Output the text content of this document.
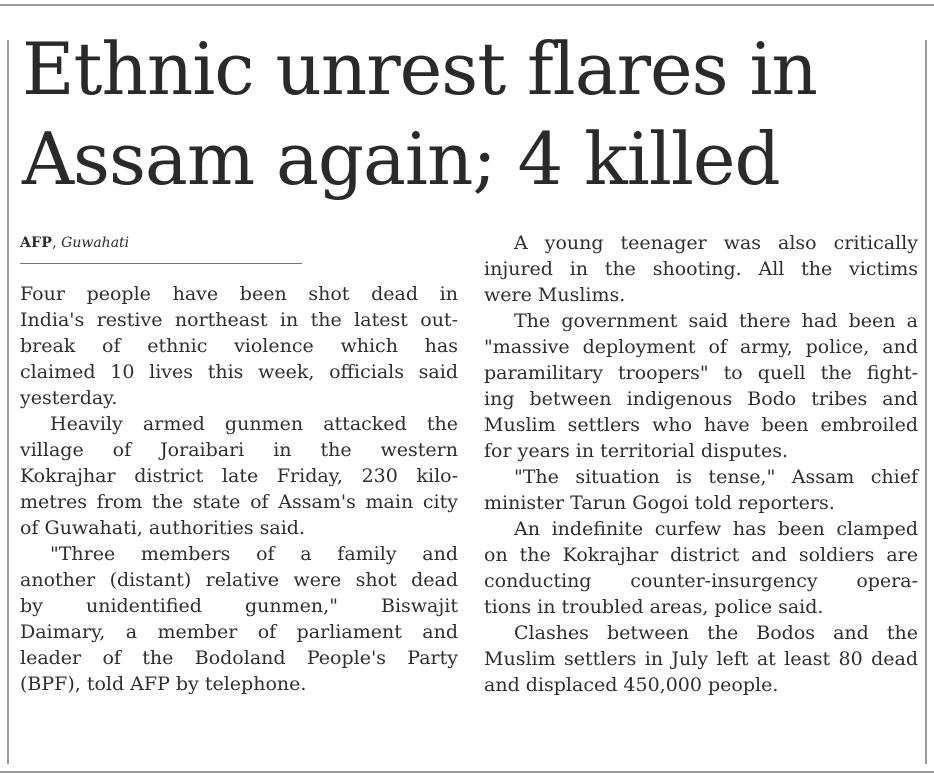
Ethnic unrest flares in
Assam again; 4 killed
AFP, Guwahati
Four people have been shot dead in
India's restive northeast in the latest out-
break of ethnic violence which has
claimed 10 lives this week, officials said
yesterday.
Heavily armed gunmen attacked the
village of Joraibari in the western
Kokrajhar district late Friday, 230 kilo-
metres from the state of Assam's main city
of Guwahati, authorities said.
"Three members of a family and
another (distant) relative were shot dead
by unidentified gunmen," Biswajit
Daimary, a member of parliament and
leader of the Bodoland People's Party
(BPF), told AFP by telephone.
A young teenager was also critically
injured in the shooting. All the victims
were Muslims.
The government said there had been a
"massive deployment of army, police, and
paramilitary troopers" to quell the fight-
ing between indigenous Bodo tribes and
Muslim settlers who have been embroiled
for years in territorial disputes.
"The situation is tense," Assam chief
minister Tarun Gogoi told reporters.
An indefinite curfew has been clamped
on the Kokrajhar district and soldiers are
conducting counter-insurgency opera-
tions in troubled areas, police said.
Clashes between the Bodos and the
Muslim settlers in July left at least 80 dead
and displaced 450,000 people.
